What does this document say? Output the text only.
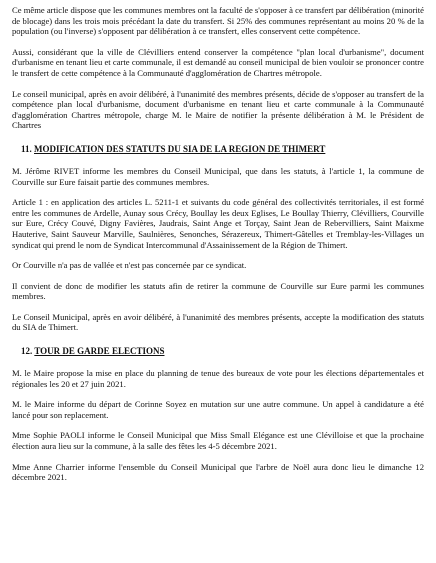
Ce même article dispose que les communes membres ont la faculté de s'opposer à ce transfert par délibération (minorité de blocage) dans les trois mois précédant la date du transfert. Si 25% des communes représentant au moins 20 % de la population (ou l'inverse) s'opposent par délibération à ce transfert, elles conservent cette compétence.

Aussi, considérant que la ville de Clévilliers entend conserver la compétence "plan local d'urbanisme", document d'urbanisme en tenant lieu et carte communale, il est demandé au conseil municipal de bien vouloir se prononcer contre le transfert de cette compétence à la Communauté d'agglomération de Chartres métropole.

Le conseil municipal, après en avoir délibéré, à l'unanimité des membres présents, décide de s'opposer au transfert de la compétence plan local d'urbanisme, document d'urbanisme en tenant lieu et carte communale à la Communauté d'agglomération Chartres métropole, charge M. le Maire de notifier la présente délibération à M. le Président de Chartres

11. MODIFICATION DES STATUTS DU SIA DE LA REGION DE THIMERT

M. Jérôme RIVET informe les membres du Conseil Municipal, que dans les statuts, à l'article 1, la commune de Courville sur Eure faisait partie des communes membres.

Article 1 : en application des articles L. 5211-1 et suivants du code général des collectivités territoriales, il est formé entre les communes de Ardelle, Aunay sous Crécy, Boullay les deux Eglises, Le Boullay Thierry, Clévilliers, Courville sur Eure, Crécy Couvé, Digny Favières, Jaudrais, Saint Ange et Torçay, Saint Jean de Rebervilliers, Saint Maixme Hauterive, Saint Sauveur Marville, Saulnières, Senonches, Sérazereux, Thimert-Gâtelles et Tremblay-les-Villages un syndicat qui prend le nom de Syndicat Intercommunal d'Assainissement de la Région de Thimert.

Or Courville n'a pas de vallée et n'est pas concernée par ce syndicat.

Il convient de donc de modifier les statuts afin de retirer la commune de Courville sur Eure parmi les communes membres.

Le Conseil Municipal, après en avoir délibéré, à l'unanimité des membres présents, accepte la modification des statuts du SIA de Thimert.

12. TOUR DE GARDE ELECTIONS

M. le Maire propose la mise en place du planning de tenue des bureaux de vote pour les élections départementales et régionales les 20 et 27 juin 2021.

M. le Maire informe du départ de Corinne Soyez en mutation sur une autre commune. Un appel à candidature a été lancé pour son replacement.

Mme Sophie PAOLI informe le Conseil Municipal que Miss Small Elégance est une Clévilloise et que la prochaine élection aura lieu sur la commune, à la salle des fêtes les 4-5 décembre 2021.

Mme Anne Charrier informe l'ensemble du Conseil Municipal que l'arbre de Noël aura donc lieu le dimanche 12 décembre 2021.
